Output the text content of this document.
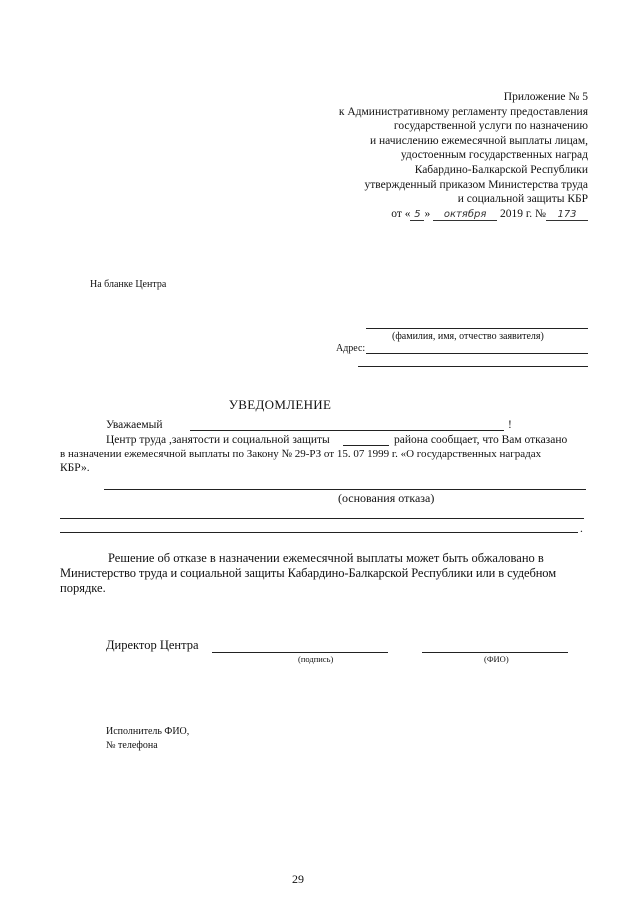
Приложение № 5
к Административному регламенту предоставления
государственной услуги по назначению
и начислению ежемесячной выплаты лицам,
удостоенным государственных наград
Кабардино-Балкарской Республики
утвержденный приказом Министерства труда
и социальной защиты КБР
от « 5 » октября 2019 г. № 173
На бланке Центра
(фамилия, имя, отчество заявителя)
Адрес:
УВЕДОМЛЕНИЕ
Уважаемый	!
Центр труда ,занятости и социальной защиты	района сообщает, что Вам отказано
в назначении ежемесячной выплаты по Закону № 29-РЗ от 15. 07 1999 г. «О государственных наградах
КБР».
(основания отказа)
.
Решение об отказе в назначении ежемесячной выплаты может быть обжаловано в
Министерство труда и социальной защиты Кабардино-Балкарской Республики или в судебном
порядке.
Директор Центра
(подпись)	(ФИО)
Исполнитель ФИО,
№ телефона
29
